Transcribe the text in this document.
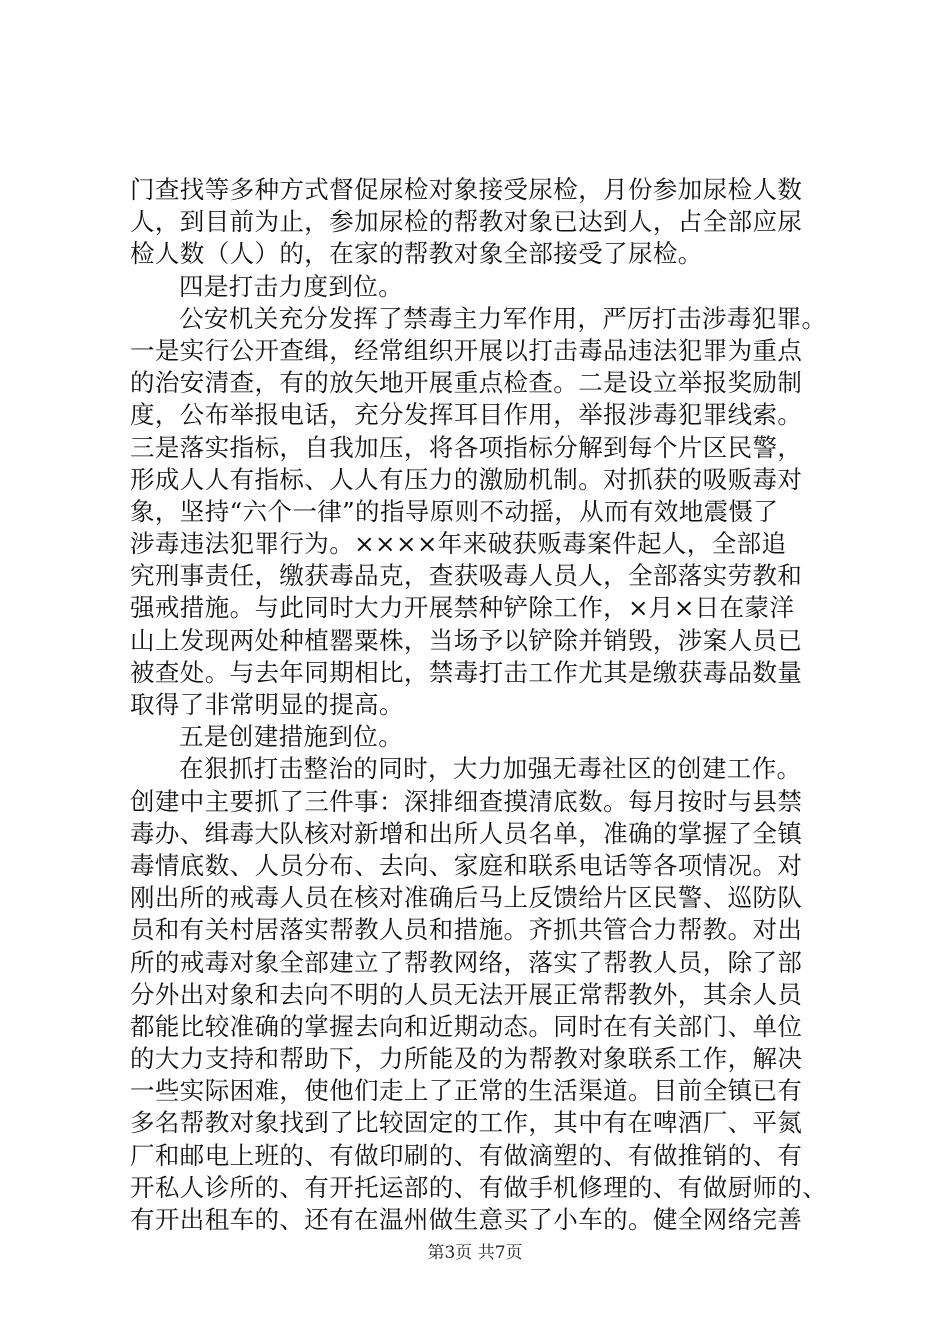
门查找等多种方式督促尿检对象接受尿检，月份参加尿检人数
人，到目前为止，参加尿检的帮教对象已达到人，占全部应尿
检人数（人）的，在家的帮教对象全部接受了尿检。
四是打击力度到位。
公安机关充分发挥了禁毒主力军作用，严厉打击涉毒犯罪。
一是实行公开查缉，经常组织开展以打击毒品违法犯罪为重点
的治安清查，有的放矢地开展重点检查。二是设立举报奖励制
度，公布举报电话，充分发挥耳目作用，举报涉毒犯罪线索。
三是落实指标，自我加压，将各项指标分解到每个片区民警，
形成人人有指标、人人有压力的激励机制。对抓获的吸贩毒对
象，坚持“六个一律”的指导原则不动摇，从而有效地震慑了
涉毒违法犯罪行为。××××年来破获贩毒案件起人，全部追
究刑事责任，缴获毒品克，查获吸毒人员人，全部落实劳教和
强戒措施。与此同时大力开展禁种铲除工作，×月×日在蒙洋
山上发现两处种植罂粟株，当场予以铲除并销毁，涉案人员已
被查处。与去年同期相比，禁毒打击工作尤其是缴获毒品数量
取得了非常明显的提高。
五是创建措施到位。
在狠抓打击整治的同时，大力加强无毒社区的创建工作。
创建中主要抓了三件事：深排细查摸清底数。每月按时与县禁
毒办、缉毒大队核对新增和出所人员名单，准确的掌握了全镇
毒情底数、人员分布、去向、家庭和联系电话等各项情况。对
刚出所的戒毒人员在核对准确后马上反馈给片区民警、巡防队
员和有关村居落实帮教人员和措施。齐抓共管合力帮教。对出
所的戒毒对象全部建立了帮教网络，落实了帮教人员，除了部
分外出对象和去向不明的人员无法开展正常帮教外，其余人员
都能比较准确的掌握去向和近期动态。同时在有关部门、单位
的大力支持和帮助下，力所能及的为帮教对象联系工作，解决
一些实际困难，使他们走上了正常的生活渠道。目前全镇已有
多名帮教对象找到了比较固定的工作，其中有在啤酒厂、平氮
厂和邮电上班的、有做印刷的、有做滴塑的、有做推销的、有
开私人诊所的、有开托运部的、有做手机修理的、有做厨师的、
有开出租车的、还有在温州做生意买了小车的。健全网络完善
第3页 共7页
